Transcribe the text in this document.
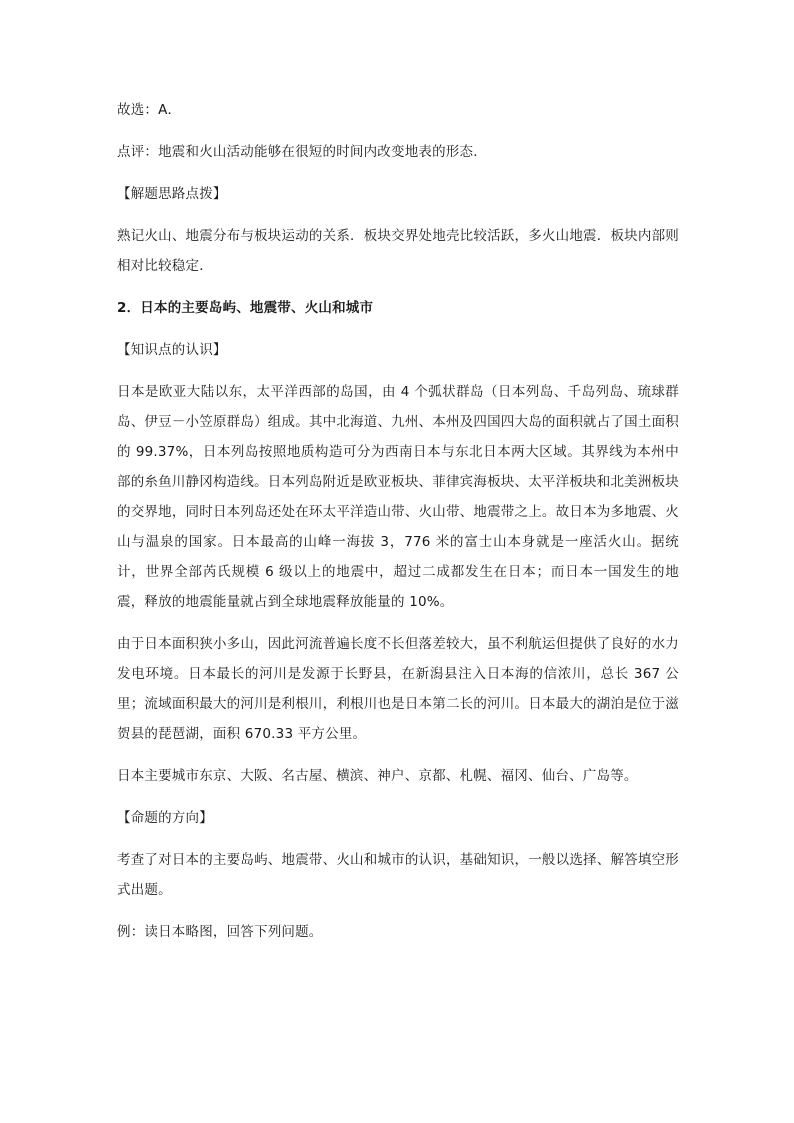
故选：A．

点评：地震和火山活动能够在很短的时间内改变地表的形态．

【解题思路点拨】

熟记火山、地震分布与板块运动的关系．板块交界处地壳比较活跃，多火山地震．板块内部则相对比较稳定．

2．日本的主要岛屿、地震带、火山和城市

【知识点的认识】

日本是欧亚大陆以东，太平洋西部的岛国，由 4 个弧状群岛（日本列岛、千岛列岛、琉球群岛、伊豆－小笠原群岛）组成。其中北海道、九州、本州及四国四大岛的面积就占了国土面积的 99.37%，日本列岛按照地质构造可分为西南日本与东北日本两大区域。其界线为本州中部的糸鱼川静冈构造线。日本列岛附近是欧亚板块、菲律宾海板块、太平洋板块和北美洲板块的交界地，同时日本列岛还处在环太平洋造山带、火山带、地震带之上。故日本为多地震、火山与温泉的国家。日本最高的山峰一海拔 3，776 米的富士山本身就是一座活火山。据统计，世界全部芮氏规模 6 级以上的地震中，超过二成都发生在日本；而日本一国发生的地震，释放的地震能量就占到全球地震释放能量的 10%。

由于日本面积狭小多山，因此河流普遍长度不长但落差较大，虽不利航运但提供了良好的水力发电环境。日本最长的河川是发源于长野县，在新潟县注入日本海的信浓川，总长 367 公里；流域面积最大的河川是利根川，利根川也是日本第二长的河川。日本最大的湖泊是位于滋贺县的琵琶湖，面积 670.33 平方公里。

日本主要城市东京、大阪、名古屋、横滨、神户、京都、札幌、福冈、仙台、广岛等。

【命题的方向】

考查了对日本的主要岛屿、地震带、火山和城市的认识，基础知识，一般以选择、解答填空形式出题。

例：读日本略图，回答下列问题。
